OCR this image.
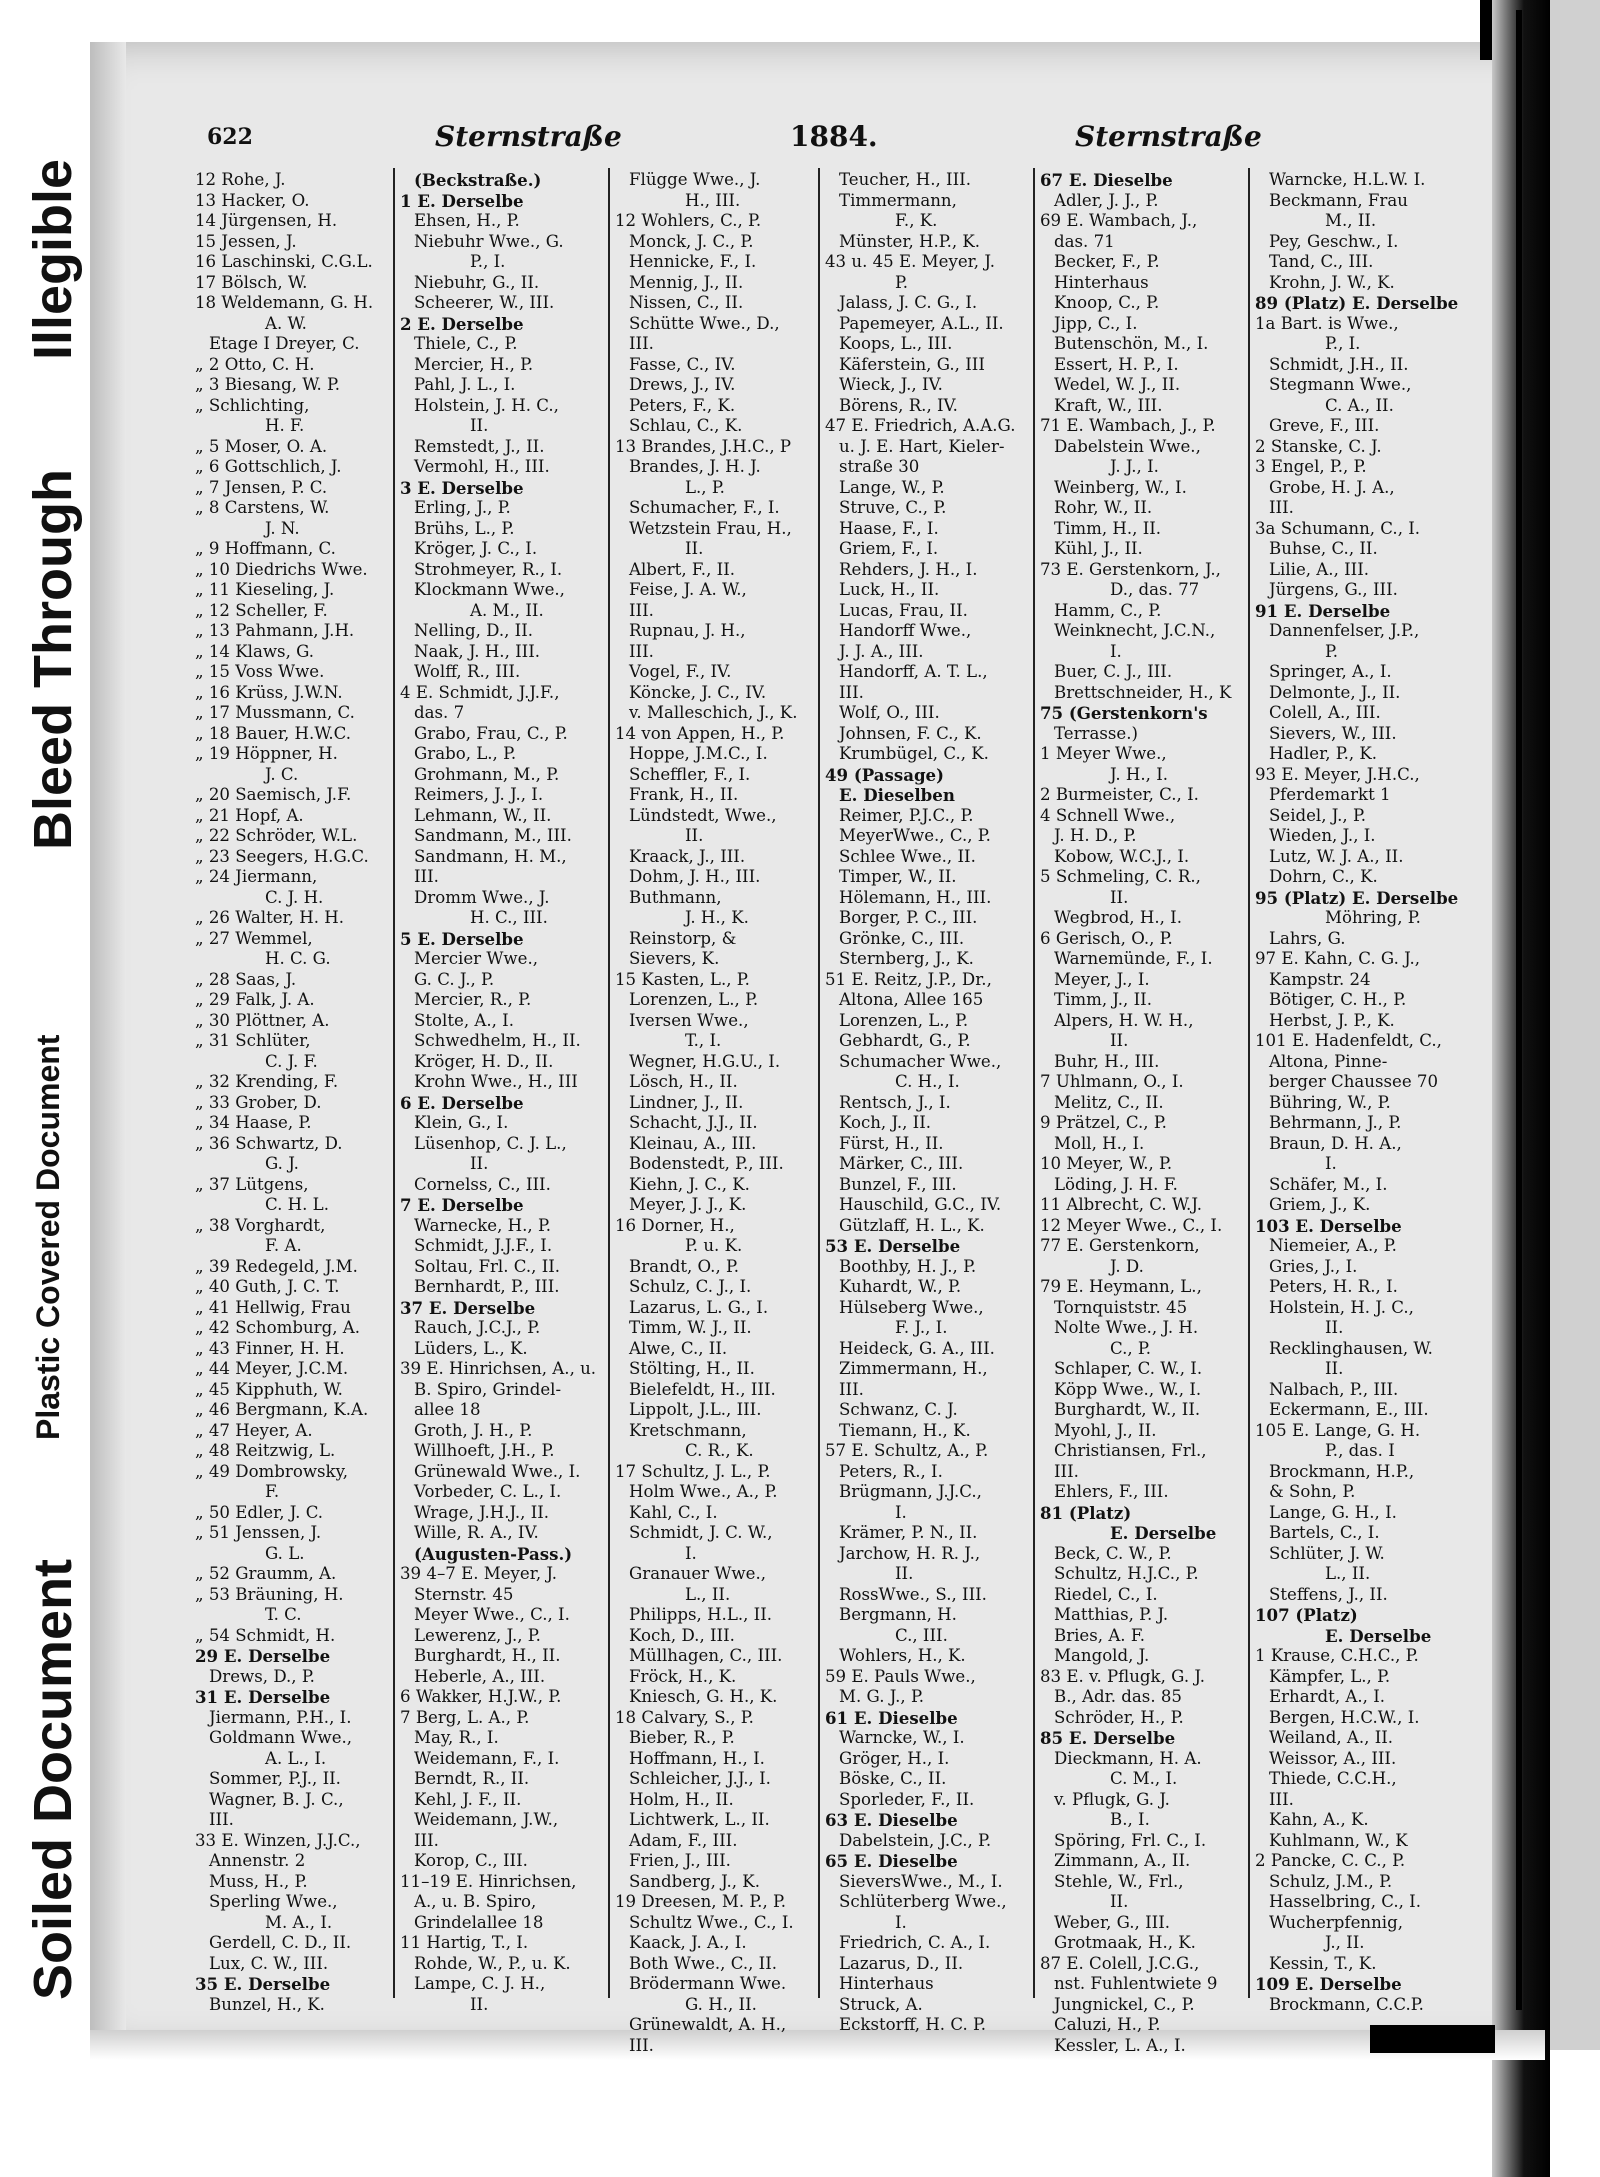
Illegible
Bleed Through
Plastic Covered Document
Soiled Document
622	Sternstraße	1884.	Sternstraße
12 Rohe, J.
13 Hacker, O.
14 Jürgensen, H.
15 Jessen, J.
16 Laschinski, C.G.L.
17 Bölsch, W.
18 Weldemann, G. H.
A. W.
Etage I Dreyer, C.
„ 2 Otto, C. H.
„ 3 Biesang, W. P.
„ Schlichting,
H. F.
„ 5 Moser, O. A.
„ 6 Gottschlich, J.
„ 7 Jensen, P. C.
„ 8 Carstens, W.
J. N.
„ 9 Hoffmann, C.
„ 10 Diedrichs Wwe.
„ 11 Kieseling, J.
„ 12 Scheller, F.
„ 13 Pahmann, J.H.
„ 14 Klaws, G.
„ 15 Voss Wwe.
„ 16 Krüss, J.W.N.
„ 17 Mussmann, C.
„ 18 Bauer, H.W.C.
„ 19 Höppner, H.
J. C.
„ 20 Saemisch, J.F.
„ 21 Hopf, A.
„ 22 Schröder, W.L.
„ 23 Seegers, H.G.C.
„ 24 Jiermann,
C. J. H.
„ 26 Walter, H. H.
„ 27 Wemmel,
H. C. G.
„ 28 Saas, J.
„ 29 Falk, J. A.
„ 30 Plöttner, A.
„ 31 Schlüter,
C. J. F.
„ 32 Krending, F.
„ 33 Grober, D.
„ 34 Haase, P.
„ 36 Schwartz, D.
G. J.
„ 37 Lütgens,
C. H. L.
„ 38 Vorghardt,
F. A.
„ 39 Redegeld, J.M.
„ 40 Guth, J. C. T.
„ 41 Hellwig, Frau
„ 42 Schomburg, A.
„ 43 Finner, H. H.
„ 44 Meyer, J.C.M.
„ 45 Kipphuth, W.
„ 46 Bergmann, K.A.
„ 47 Heyer, A.
„ 48 Reitzwig, L.
„ 49 Dombrowsky,
F.
„ 50 Edler, J. C.
„ 51 Jenssen, J.
G. L.
„ 52 Graumm, A.
„ 53 Bräuning, H.
T. C.
„ 54 Schmidt, H.
29 E. Derselbe
Drews, D., P.
31 E. Derselbe
Jiermann, P.H., I.
Goldmann Wwe.,
A. L., I.
Sommer, P.J., II.
Wagner, B. J. C.,
III.
33 E. Winzen, J.J.C.,
Annenstr. 2
Muss, H., P.
Sperling Wwe.,
M. A., I.
Gerdell, C. D., II.
Lux, C. W., III.
35 E. Derselbe
Bunzel, H., K.
(Beckstraße.)
1 E. Derselbe
Ehsen, H., P.
Niebuhr Wwe., G.
P., I.
Niebuhr, G., II.
Scheerer, W., III.
2 E. Derselbe
Thiele, C., P.
Mercier, H., P.
Pahl, J. L., I.
Holstein, J. H. C.,
II.
Remstedt, J., II.
Vermohl, H., III.
3 E. Derselbe
Erling, J., P.
Brühs, L., P.
Kröger, J. C., I.
Strohmeyer, R., I.
Klockmann Wwe.,
A. M., II.
Nelling, D., II.
Naak, J. H., III.
Wolff, R., III.
4 E. Schmidt, J.J.F.,
das. 7
Grabo, Frau, C., P.
Grabo, L., P.
Grohmann, M., P.
Reimers, J. J., I.
Lehmann, W., II.
Sandmann, M., III.
Sandmann, H. M.,
III.
Dromm Wwe., J.
H. C., III.
5 E. Derselbe
Mercier Wwe.,
G. C. J., P.
Mercier, R., P.
Stolte, A., I.
Schwedhelm, H., II.
Kröger, H. D., II.
Krohn Wwe., H., III
6 E. Derselbe
Klein, G., I.
Lüsenhop, C. J. L.,
II.
Cornelss, C., III.
7 E. Derselbe
Warnecke, H., P.
Schmidt, J.J.F., I.
Soltau, Frl. C., II.
Bernhardt, P., III.
37 E. Derselbe
Rauch, J.C.J., P.
Lüders, L., K.
39 E. Hinrichsen, A., u.
B. Spiro, Grindel-
allee 18
Groth, J. H., P.
Willhoeft, J.H., P.
Grünewald Wwe., I.
Vorbeder, C. L., I.
Wrage, J.H.J., II.
Wille, R. A., IV.
(Augusten-Pass.)
39 4–7 E. Meyer, J.
Sternstr. 45
Meyer Wwe., C., I.
Lewerenz, J., P.
Burghardt, H., II.
Heberle, A., III.
6 Wakker, H.J.W., P.
7 Berg, L. A., P.
May, R., I.
Weidemann, F., I.
Berndt, R., II.
Kehl, J. F., II.
Weidemann, J.W.,
III.
Korop, C., III.
11–19 E. Hinrichsen,
A., u. B. Spiro,
Grindelallee 18
11 Hartig, T., I.
Rohde, W., P., u. K.
Lampe, C. J. H.,
II.
Flügge Wwe., J.
H., III.
12 Wohlers, C., P.
Monck, J. C., P.
Hennicke, F., I.
Mennig, J., II.
Nissen, C., II.
Schütte Wwe., D.,
III.
Fasse, C., IV.
Drews, J., IV.
Peters, F., K.
Schlau, C., K.
13 Brandes, J.H.C., P
Brandes, J. H. J.
L., P.
Schumacher, F., I.
Wetzstein Frau, H.,
II.
Albert, F., II.
Feise, J. A. W.,
III.
Rupnau, J. H.,
III.
Vogel, F., IV.
Köncke, J. C., IV.
v. Malleschich, J., K.
14 von Appen, H., P.
Hoppe, J.M.C., I.
Scheffler, F., I.
Frank, H., II.
Lündstedt, Wwe.,
II.
Kraack, J., III.
Dohm, J. H., III.
Buthmann,
J. H., K.
Reinstorp, &
Sievers, K.
15 Kasten, L., P.
Lorenzen, L., P.
Iversen Wwe.,
T., I.
Wegner, H.G.U., I.
Lösch, H., II.
Lindner, J., II.
Schacht, J.J., II.
Kleinau, A., III.
Bodenstedt, P., III.
Kiehn, J. C., K.
Meyer, J. J., K.
16 Dorner, H.,
P. u. K.
Brandt, O., P.
Schulz, C. J., I.
Lazarus, L. G., I.
Timm, W. J., II.
Alwe, C., II.
Stölting, H., II.
Bielefeldt, H., III.
Lippolt, J.L., III.
Kretschmann,
C. R., K.
17 Schultz, J. L., P.
Holm Wwe., A., P.
Kahl, C., I.
Schmidt, J. C. W.,
I.
Granauer Wwe.,
L., II.
Philipps, H.L., II.
Koch, D., III.
Müllhagen, C., III.
Fröck, H., K.
Kniesch, G. H., K.
18 Calvary, S., P.
Bieber, R., P.
Hoffmann, H., I.
Schleicher, J.J., I.
Holm, H., II.
Lichtwerk, L., II.
Adam, F., III.
Frien, J., III.
Sandberg, J., K.
19 Dreesen, M. P., P.
Schultz Wwe., C., I.
Kaack, J. A., I.
Both Wwe., C., II.
Brödermann Wwe.
G. H., II.
Grünewaldt, A. H.,
III.
Teucher, H., III.
Timmermann,
F., K.
Münster, H.P., K.
43 u. 45 E. Meyer, J.
P.
Jalass, J. C. G., I.
Papemeyer, A.L., II.
Koops, L., III.
Käferstein, G., III
Wieck, J., IV.
Börens, R., IV.
47 E. Friedrich, A.A.G.
u. J. E. Hart, Kieler-
straße 30
Lange, W., P.
Struve, C., P.
Haase, F., I.
Griem, F., I.
Rehders, J. H., I.
Luck, H., II.
Lucas, Frau, II.
Handorff Wwe.,
J. J. A., III.
Handorff, A. T. L.,
III.
Wolf, O., III.
Johnsen, F. C., K.
Krumbügel, C., K.
49 (Passage)
E. Dieselben
Reimer, P.J.C., P.
MeyerWwe., C., P.
Schlee Wwe., II.
Timper, W., II.
Hölemann, H., III.
Borger, P. C., III.
Grönke, C., III.
Sternberg, J., K.
51 E. Reitz, J.P., Dr.,
Altona, Allee 165
Lorenzen, L., P.
Gebhardt, G., P.
Schumacher Wwe.,
C. H., I.
Rentsch, J., I.
Koch, J., II.
Fürst, H., II.
Märker, C., III.
Bunzel, F., III.
Hauschild, G.C., IV.
Gützlaff, H. L., K.
53 E. Derselbe
Boothby, H. J., P.
Kuhardt, W., P.
Hülseberg Wwe.,
F. J., I.
Heideck, G. A., III.
Zimmermann, H.,
III.
Schwanz, C. J.
Tiemann, H., K.
57 E. Schultz, A., P.
Peters, R., I.
Brügmann, J.J.C.,
I.
Krämer, P. N., II.
Jarchow, H. R. J.,
II.
RossWwe., S., III.
Bergmann, H.
C., III.
Wohlers, H., K.
59 E. Pauls Wwe.,
M. G. J., P.
61 E. Dieselbe
Warncke, W., I.
Gröger, H., I.
Böske, C., II.
Sporleder, F., II.
63 E. Dieselbe
Dabelstein, J.C., P.
65 E. Dieselbe
SieversWwe., M., I.
Schlüterberg Wwe.,
I.
Friedrich, C. A., I.
Lazarus, D., II.
Hinterhaus
Struck, A.
Eckstorff, H. C. P.
67 E. Dieselbe
Adler, J. J., P.
69 E. Wambach, J.,
das. 71
Becker, F., P.
Hinterhaus
Knoop, C., P.
Jipp, C., I.
Butenschön, M., I.
Essert, H. P., I.
Wedel, W. J., II.
Kraft, W., III.
71 E. Wambach, J., P.
Dabelstein Wwe.,
J. J., I.
Weinberg, W., I.
Rohr, W., II.
Timm, H., II.
Kühl, J., II.
73 E. Gerstenkorn, J.,
D., das. 77
Hamm, C., P.
Weinknecht, J.C.N.,
I.
Buer, C. J., III.
Brettschneider, H., K
75 (Gerstenkorn's
Terrasse.)
1 Meyer Wwe.,
J. H., I.
2 Burmeister, C., I.
4 Schnell Wwe.,
J. H. D., P.
Kobow, W.C.J., I.
5 Schmeling, C. R.,
II.
Wegbrod, H., I.
6 Gerisch, O., P.
Warnemünde, F., I.
Meyer, J., I.
Timm, J., II.
Alpers, H. W. H.,
II.
Buhr, H., III.
7 Uhlmann, O., I.
Melitz, C., II.
9 Prätzel, C., P.
Moll, H., I.
10 Meyer, W., P.
Löding, J. H. F.
11 Albrecht, C. W.J.
12 Meyer Wwe., C., I.
77 E. Gerstenkorn,
J. D.
79 E. Heymann, L.,
Tornquiststr. 45
Nolte Wwe., J. H.
C., P.
Schlaper, C. W., I.
Köpp Wwe., W., I.
Burghardt, W., II.
Myohl, J., II.
Christiansen, Frl.,
III.
Ehlers, F., III.
81 (Platz)
E. Derselbe
Beck, C. W., P.
Schultz, H.J.C., P.
Riedel, C., I.
Matthias, P. J.
Bries, A. F.
Mangold, J.
83 E. v. Pflugk, G. J.
B., Adr. das. 85
Schröder, H., P.
85 E. Derselbe
Dieckmann, H. A.
C. M., I.
v. Pflugk, G. J.
B., I.
Spöring, Frl. C., I.
Zimmann, A., II.
Stehle, W., Frl.,
II.
Weber, G., III.
Grotmaak, H., K.
87 E. Colell, J.C.G.,
nst. Fuhlentwiete 9
Jungnickel, C., P.
Caluzi, H., P.
Kessler, L. A., I.
Warncke, H.L.W. I.
Beckmann, Frau
M., II.
Pey, Geschw., I.
Tand, C., III.
Krohn, J. W., K.
89 (Platz) E. Derselbe
1a Bart. is Wwe.,
P., I.
Schmidt, J.H., II.
Stegmann Wwe.,
C. A., II.
Greve, F., III.
2 Stanske, C. J.
3 Engel, P., P.
Grobe, H. J. A.,
III.
3a Schumann, C., I.
Buhse, C., II.
Lilie, A., III.
Jürgens, G., III.
91 E. Derselbe
Dannenfelser, J.P.,
P.
Springer, A., I.
Delmonte, J., II.
Colell, A., III.
Sievers, W., III.
Hadler, P., K.
93 E. Meyer, J.H.C.,
Pferdemarkt 1
Seidel, J., P.
Wieden, J., I.
Lutz, W. J. A., II.
Dohrn, C., K.
95 (Platz) E. Derselbe
Möhring, P.
Lahrs, G.
97 E. Kahn, C. G. J.,
Kampstr. 24
Bötiger, C. H., P.
Herbst, J. P., K.
101 E. Hadenfeldt, C.,
Altona, Pinne-
berger Chaussee 70
Bühring, W., P.
Behrmann, J., P.
Braun, D. H. A.,
I.
Schäfer, M., I.
Griem, J., K.
103 E. Derselbe
Niemeier, A., P.
Gries, J., I.
Peters, H. R., I.
Holstein, H. J. C.,
II.
Recklinghausen, W.
II.
Nalbach, P., III.
Eckermann, E., III.
105 E. Lange, G. H.
P., das. I
Brockmann, H.P.,
& Sohn, P.
Lange, G. H., I.
Bartels, C., I.
Schlüter, J. W.
L., II.
Steffens, J., II.
107 (Platz)
E. Derselbe
1 Krause, C.H.C., P.
Kämpfer, L., P.
Erhardt, A., I.
Bergen, H.C.W., I.
Weiland, A., II.
Weissor, A., III.
Thiede, C.C.H.,
III.
Kahn, A., K.
Kuhlmann, W., K
2 Pancke, C. C., P.
Schulz, J.M., P.
Hasselbring, C., I.
Wucherpfennig,
J., II.
Kessin, T., K.
109 E. Derselbe
Brockmann, C.C.P.
